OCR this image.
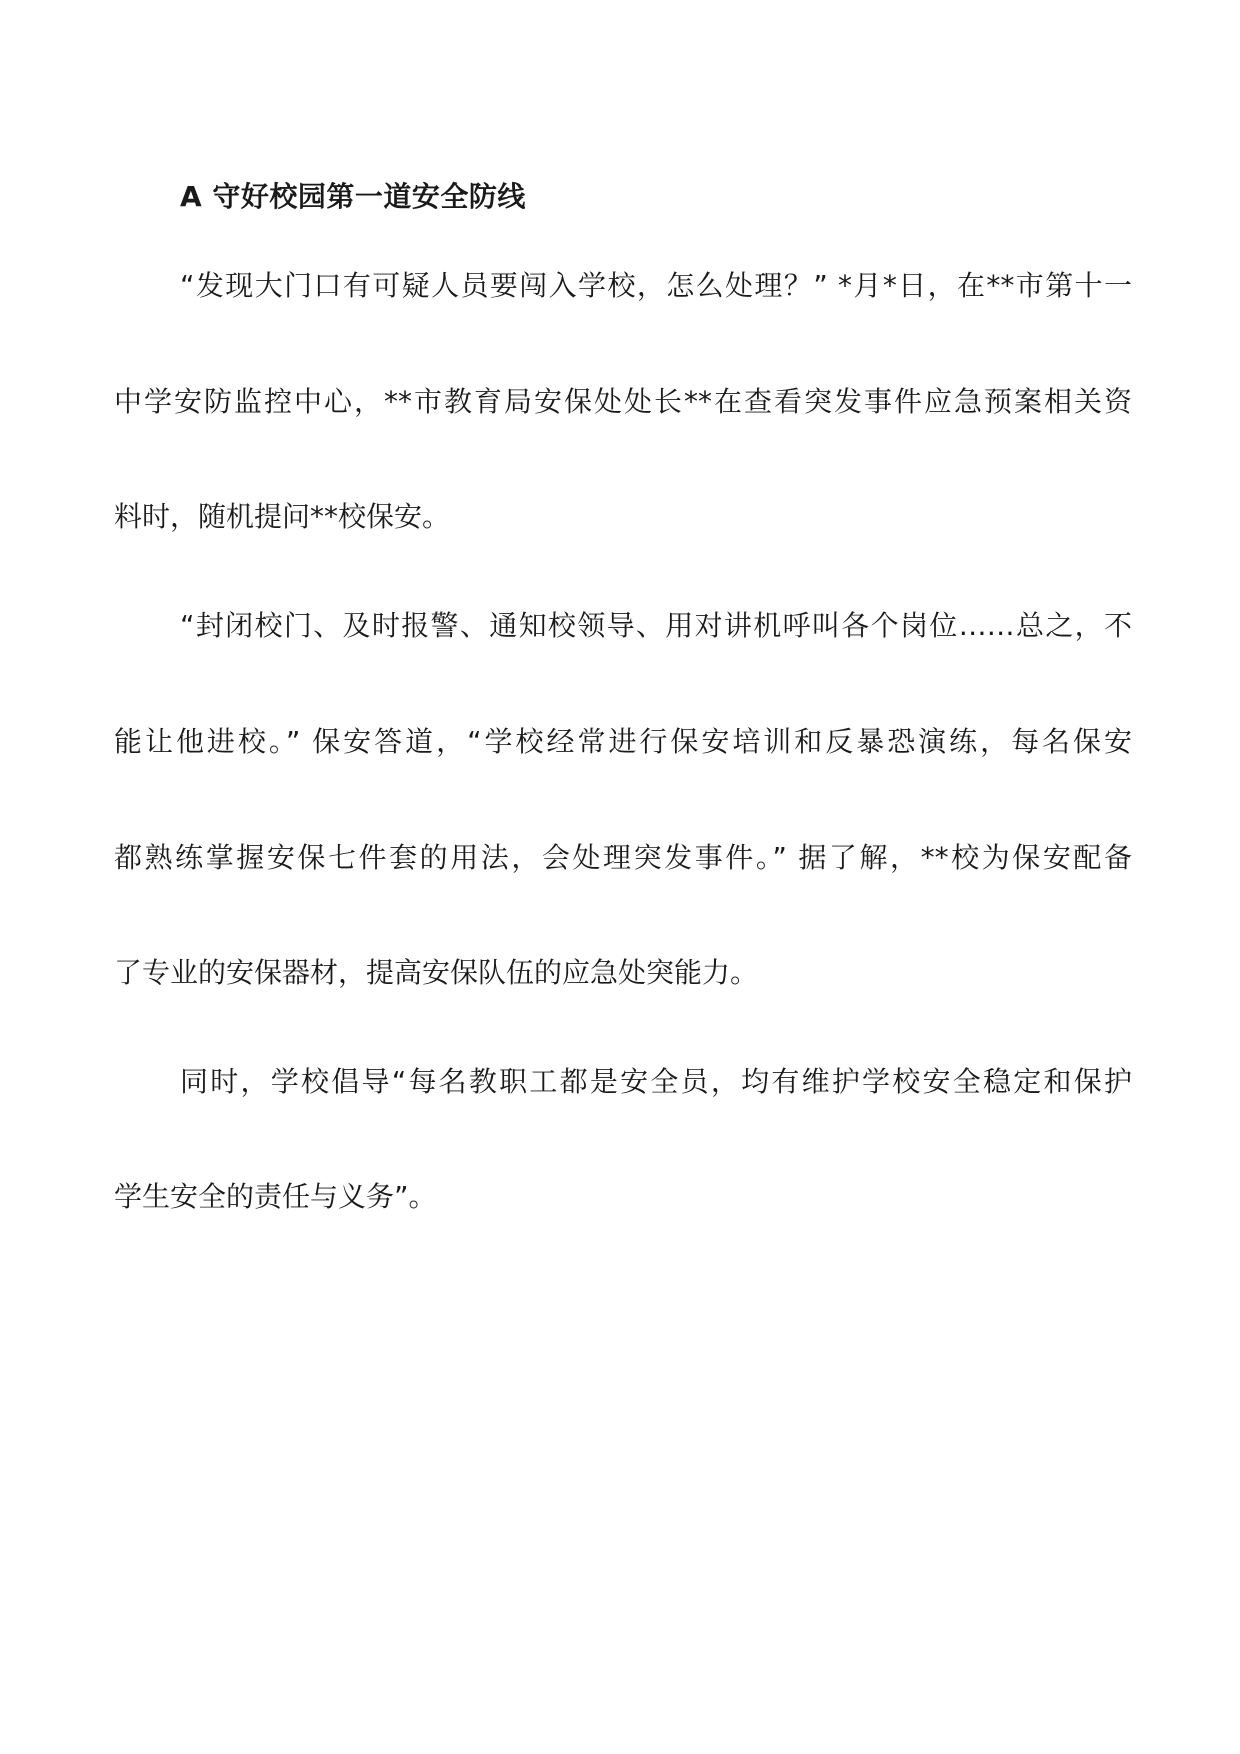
A 守好校园第一道安全防线

“发现大门口有可疑人员要闯入学校，怎么处理？” *月*日，在**市第十一

中学安防监控中心，**市教育局安保处处长**在查看突发事件应急预案相关资

料时，随机提问**校保安。

“封闭校门、及时报警、通知校领导、用对讲机呼叫各个岗位……总之，不

能让他进校。” 保安答道，“学校经常进行保安培训和反暴恐演练，每名保安

都熟练掌握安保七件套的用法，会处理突发事件。” 据了解，**校为保安配备

了专业的安保器材，提高安保队伍的应急处突能力。

同时，学校倡导“每名教职工都是安全员，均有维护学校安全稳定和保护

学生安全的责任与义务”。
